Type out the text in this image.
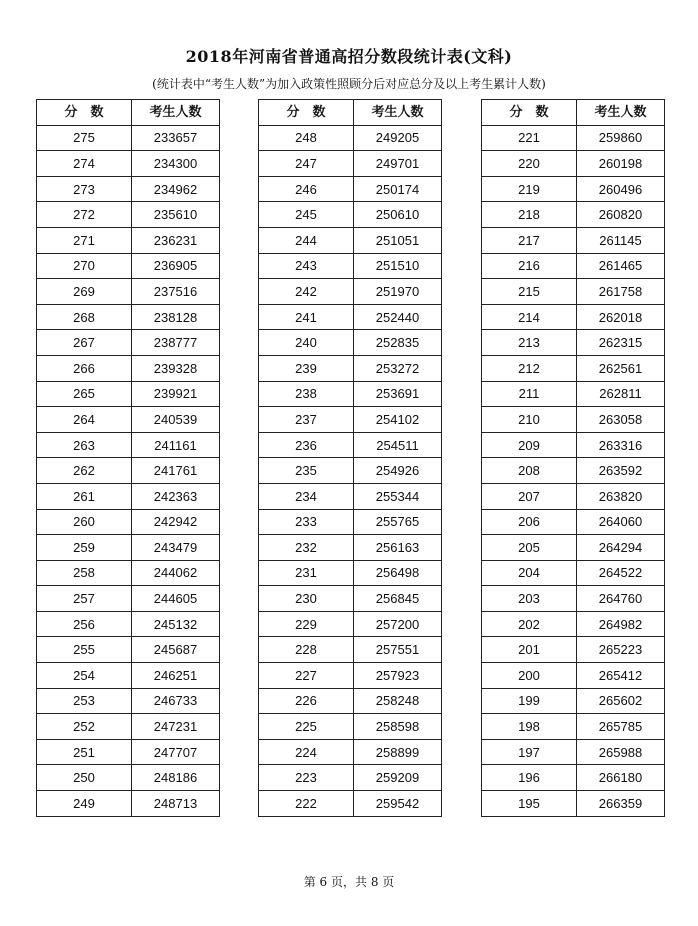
2018年河南省普通高招分数段统计表(文科)
(统计表中“考生人数”为加入政策性照顾分后对应总分及以上考生累计人数)
分　数	考生人数
275	233657
274	234300
273	234962
272	235610
271	236231
270	236905
269	237516
268	238128
267	238777
266	239328
265	239921
264	240539
263	241161
262	241761
261	242363
260	242942
259	243479
258	244062
257	244605
256	245132
255	245687
254	246251
253	246733
252	247231
251	247707
250	248186
249	248713
分　数	考生人数
248	249205
247	249701
246	250174
245	250610
244	251051
243	251510
242	251970
241	252440
240	252835
239	253272
238	253691
237	254102
236	254511
235	254926
234	255344
233	255765
232	256163
231	256498
230	256845
229	257200
228	257551
227	257923
226	258248
225	258598
224	258899
223	259209
222	259542
分　数	考生人数
221	259860
220	260198
219	260496
218	260820
217	261145
216	261465
215	261758
214	262018
213	262315
212	262561
211	262811
210	263058
209	263316
208	263592
207	263820
206	264060
205	264294
204	264522
203	264760
202	264982
201	265223
200	265412
199	265602
198	265785
197	265988
196	266180
195	266359
第 6 页，共 8 页
